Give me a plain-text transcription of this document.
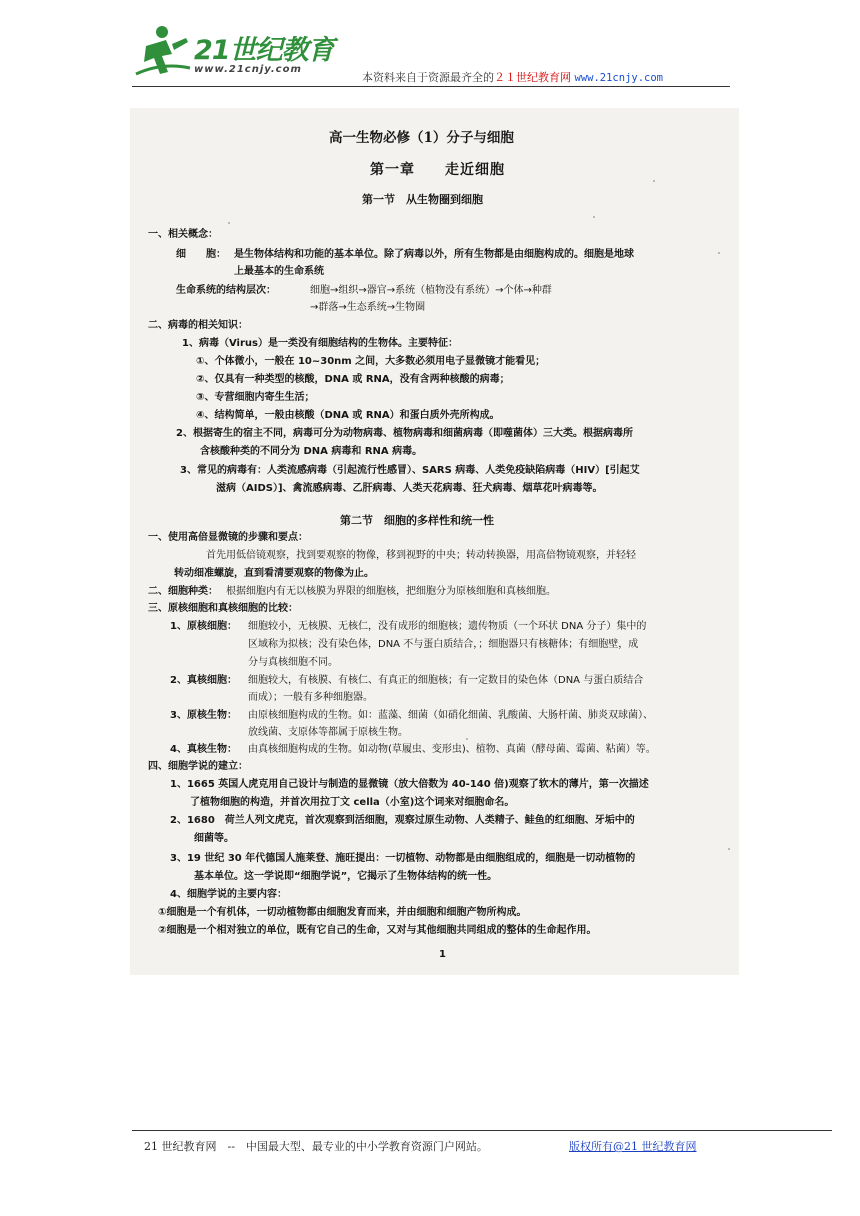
21世纪教育
www.21cnjy.com
本资料来自于资源最齐全的２１世纪教育网 www.21cnjy.com
高一生物必修（1）分子与细胞
第一章　　走近细胞
第一节　从生物圈到细胞
一、相关概念：
细　　胞： 是生物体结构和功能的基本单位。除了病毒以外，所有生物都是由细胞构成的。细胞是地球
上最基本的生命系统
生命系统的结构层次：	细胞→组织→器官→系统（植物没有系统）→个体→种群
→群落→生态系统→生物圈
二、病毒的相关知识：
1、病毒（Virus）是一类没有细胞结构的生物体。主要特征：
①、个体微小，一般在 10~30nm 之间，大多数必须用电子显微镜才能看见；
②、仅具有一种类型的核酸，DNA 或 RNA，没有含两种核酸的病毒；
③、专营细胞内寄生生活；
④、结构简单，一般由核酸（DNA 或 RNA）和蛋白质外壳所构成。
2、根据寄生的宿主不同，病毒可分为动物病毒、植物病毒和细菌病毒（即噬菌体）三大类。根据病毒所
含核酸种类的不同分为 DNA 病毒和 RNA 病毒。
3、常见的病毒有：人类流感病毒（引起流行性感冒）、SARS 病毒、人类免疫缺陷病毒（HIV）[引起艾
滋病（AIDS）]、禽流感病毒、乙肝病毒、人类天花病毒、狂犬病毒、烟草花叶病毒等。
第二节　细胞的多样性和统一性
一、使用高倍显微镜的步骤和要点：
首先用低倍镜观察，找到要观察的物像，移到视野的中央；转动转换器，用高倍物镜观察，并轻轻
转动细准螺旋，直到看清要观察的物像为止。
二、细胞种类： 根据细胞内有无以核膜为界限的细胞核，把细胞分为原核细胞和真核细胞。
三、原核细胞和真核细胞的比较：
1、原核细胞： 细胞较小，无核膜、无核仁，没有成形的细胞核；遗传物质（一个环状 DNA 分子）集中的
区域称为拟核；没有染色体，DNA 不与蛋白质结合，；细胞器只有核糖体；有细胞壁，成
分与真核细胞不同。
2、真核细胞： 细胞较大，有核膜、有核仁、有真正的细胞核；有一定数目的染色体（DNA 与蛋白质结合
而成）；一般有多种细胞器。
3、原核生物： 由原核细胞构成的生物。如：蓝藻、细菌（如硝化细菌、乳酸菌、大肠杆菌、肺炎双球菌）、
放线菌、支原体等都属于原核生物。
4、真核生物： 由真核细胞构成的生物。如动物(草履虫、变形虫)、植物、真菌（酵母菌、霉菌、粘菌）等。
四、细胞学说的建立：
1、1665 英国人虎克用自己设计与制造的显微镜（放大倍数为 40-140 倍)观察了软木的薄片，第一次描述
了植物细胞的构造，并首次用拉丁文 cella（小室)这个词来对细胞命名。
2、1680　荷兰人列文虎克，首次观察到活细胞，观察过原生动物、人类精子、鲑鱼的红细胞、牙垢中的
细菌等。
3、19 世纪 30 年代德国人施莱登、施旺提出：一切植物、动物都是由细胞组成的，细胞是一切动植物的
基本单位。这一学说即“细胞学说”，它揭示了生物体结构的统一性。
4、细胞学说的主要内容：
①细胞是一个有机体，一切动植物都由细胞发育而来，并由细胞和细胞产物所构成。
②细胞是一个相对独立的单位，既有它自己的生命，又对与其他细胞共同组成的整体的生命起作用。
1
21 世纪教育网　--　中国最大型、最专业的中小学教育资源门户网站。	版权所有@21 世纪教育网
